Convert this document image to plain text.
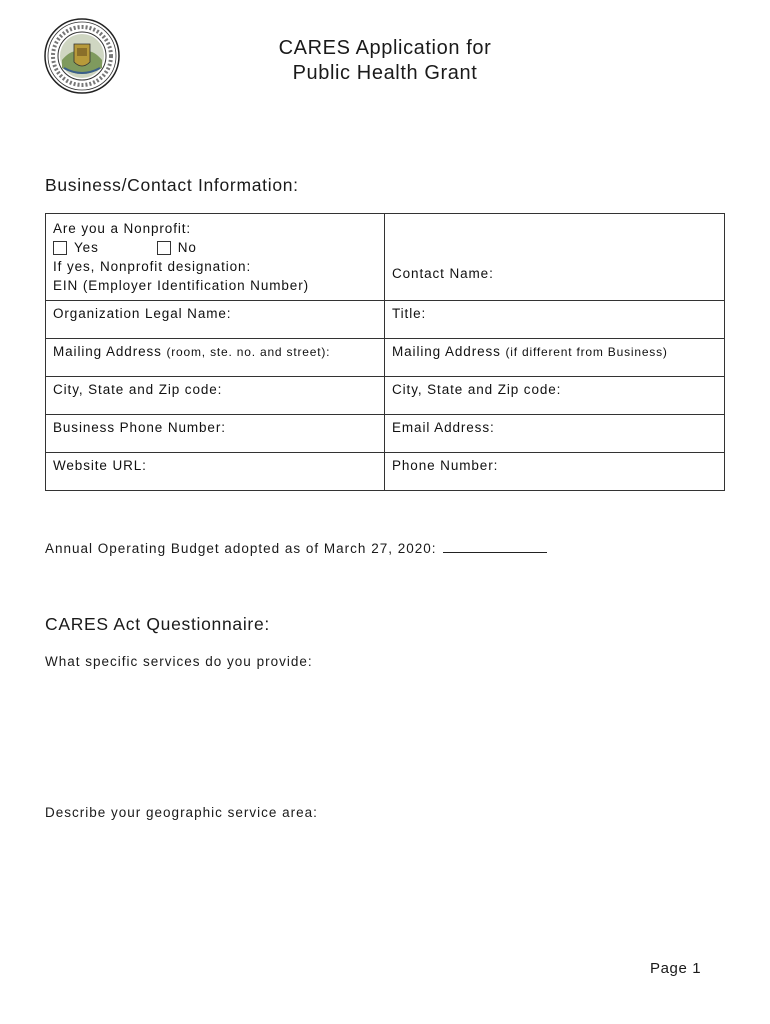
CARES Application for
Public Health Grant
Business/Contact Information:
Are you a Nonprofit:
Yes No
If yes, Nonprofit designation:
EIN (Employer Identification Number)	Contact Name:
Organization Legal Name:	Title:
Mailing Address (room, ste. no. and street):	Mailing Address (if different from Business)
City, State and Zip code:	City, State and Zip code:
Business Phone Number:	Email Address:
Website URL:	Phone Number:
Annual Operating Budget adopted as of March 27, 2020:
CARES Act Questionnaire:
What specific services do you provide:
Describe your geographic service area:
Page 1
